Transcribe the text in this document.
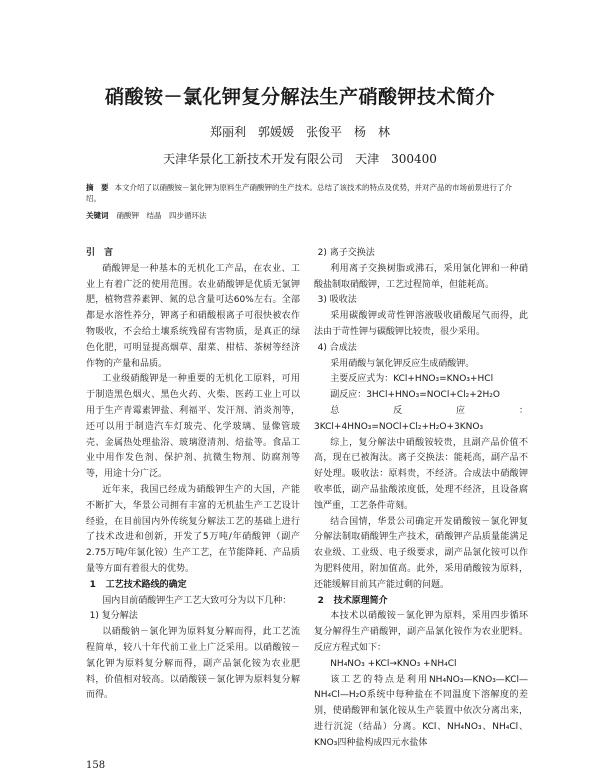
硝酸铵－氯化钾复分解法生产硝酸钾技术简介
郑丽利　郭媛媛　张俊平　杨　林
天津华景化工新技术开发有限公司　天津　300400
摘　要 本文介绍了以硝酸铵－氯化钾为原料生产硝酸钾的生产技术。总结了该技术的特点及优势，并对产品的市场前景进行了介绍。
关键词 硝酸钾　结晶　四步循环法
引　言

硝酸钾是一种基本的无机化工产品，在农业、工业上有着广泛的使用范围。农业硝酸钾是优质无氯钾肥，植物营养素钾、氮的总含量可达60%左右。全部都是水溶性养分，钾离子和硝酸根离子可很快被农作物吸收，不会给土壤系统残留有害物质，是真正的绿色化肥，可明显提高烟草、甜菜、柑桔、茶树等经济作物的产量和品质。

工业级硝酸钾是一种重要的无机化工原料，可用于制造黑色烟火、黑色火药、火柴、医药工业上可以用于生产青霉素钾盐、利福平、发汗剂、消炎剂等，还可以用于制造汽车灯玻壳、化学玻璃、显像管玻壳、金属热处理盐浴、玻璃澄清剂、焙盐等。食品工业中用作发色剂、保护剂、抗微生物剂、防腐剂等等，用途十分广泛。

近年来，我国已经成为硝酸钾生产的大国，产能不断扩大，华景公司拥有丰富的无机盐生产工艺设计经验，在目前国内外传统复分解法工艺的基础上进行了技术改进和创新，开发了5万吨/年硝酸钾（副产2.75万吨/年氯化铵）生产工艺，在节能降耗、产品质量等方面有着很大的优势。

1 工艺技术路线的确定

国内目前硝酸钾生产工艺大致可分为以下几种：

1) 复分解法

以硝酸钠－氯化钾为原料复分解而得，此工艺流程简单，较八十年代前工业上广泛采用。以硝酸铵－氯化钾为原料复分解而得，副产品氯化铵为农业肥料，价值相对较高。以硝酸镁－氯化钾为原料复分解而得。

2) 离子交换法

利用离子交换树脂或沸石，采用氯化钾和一种硝酸盐制取硝酸钾，工艺过程简单，但能耗高。

3) 吸收法

采用碳酸钾或苛性钾溶液吸收硝酸尾气而得，此法由于苛性钾与碳酸钾比较贵，很少采用。

4) 合成法

采用硝酸与氯化钾反应生成硝酸钾。

主要反应式为：KCl+HNO₃=KNO₃+HCl

副反应：3HCl+HNO₃=NOCl+Cl₂+2H₂O

总反应：3KCl+4HNO₃=NOCl+Cl₂+H₂O+3KNO₃

综上，复分解法中硝酸铵较贵，且副产品价值不高，现在已被淘汰。离子交换法：能耗高，副产品不好处理。吸收法：原料贵，不经济。合成法中硝酸钾收率低，副产品盐酸浓度低，处理不经济，且设备腐蚀严重，工艺条件苛刻。

结合国情，华景公司确定开发硝酸铵－氯化钾复分解法制取硝酸钾生产技术，硝酸钾产品质量能满足农业级、工业级、电子级要求，副产品氯化铵可以作为肥料使用，附加值高。此外，采用硝酸铵为原料，还能缓解目前其产能过剩的问题。

2 技术原理简介

本技术以硝酸铵－氯化钾为原料，采用四步循环复分解得生产硝酸钾，副产品氯化铵作为农业肥料。反应方程式如下：

NH₄NO₃ +KCl→KNO₃ +NH₄Cl

该工艺的特点是利用NH₄NO₃—KNO₃—KCl—NH₄Cl—H₂O系统中每种盐在不同温度下溶解度的差别，使硝酸钾和氯化铵从生产装置中依次分离出来，进行沉淀（结晶）分离。KCl、NH₄NO₃、NH₄Cl、KNO₃四种盐构成四元水盐体

158
